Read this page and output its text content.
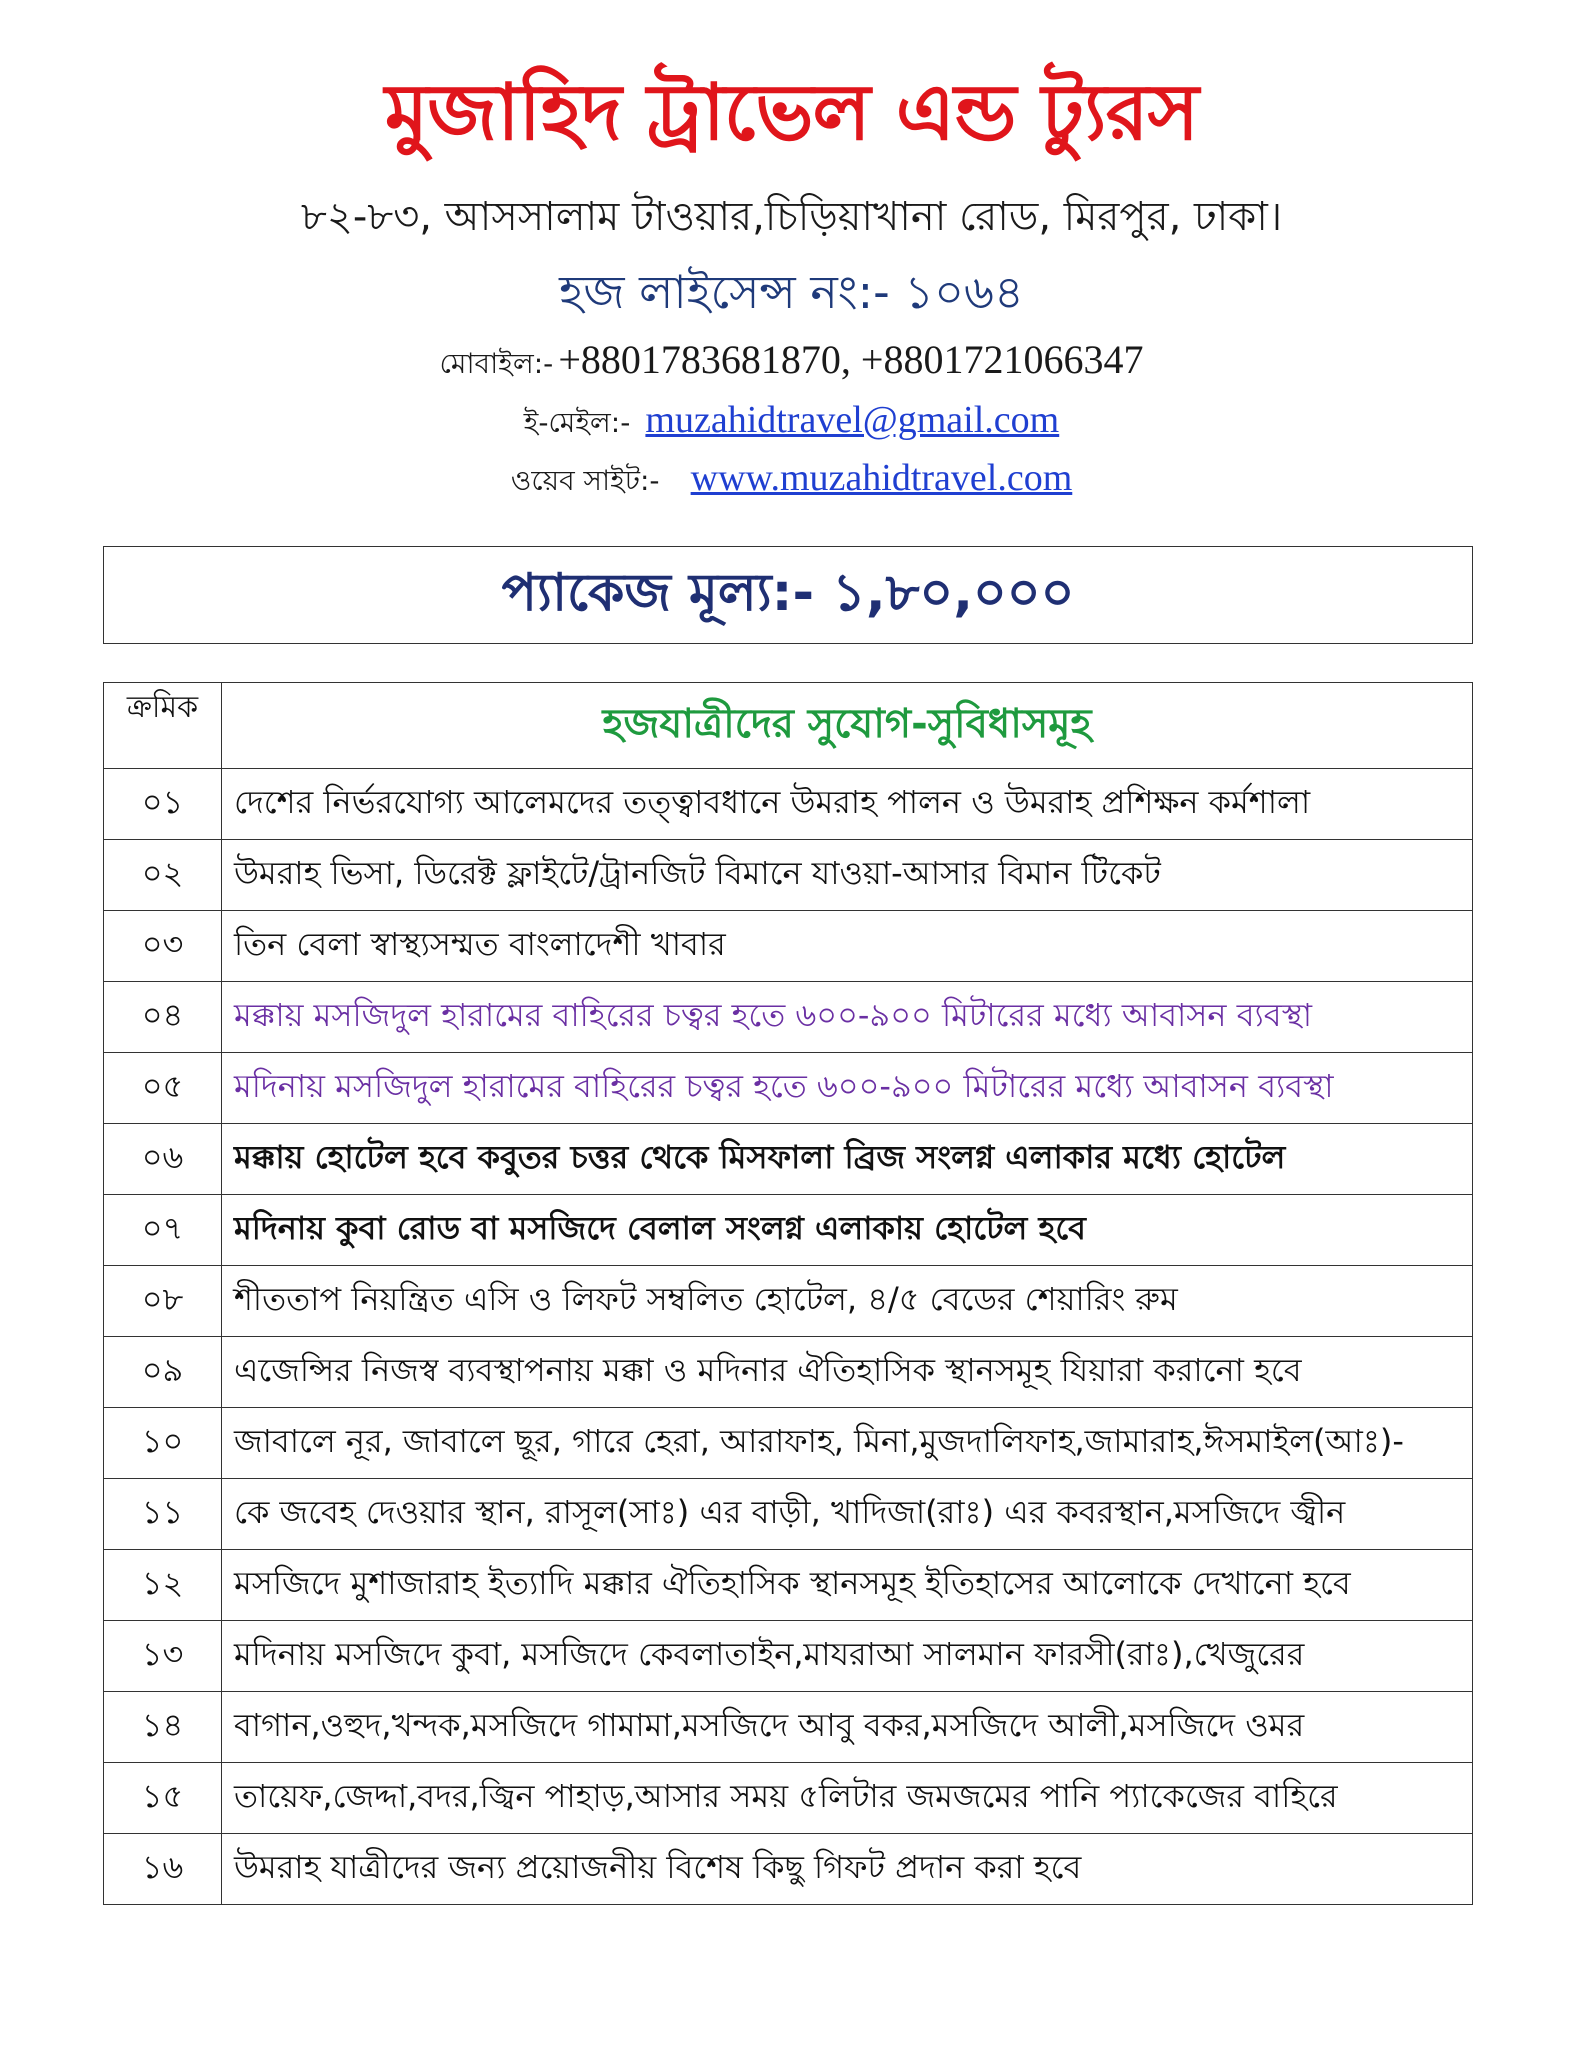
মুজাহিদ ট্রাভেল এন্ড ট্যুরস
৮২-৮৩, আসসালাম টাওয়ার,চিড়িয়াখানা রোড, মিরপুর, ঢাকা।
হজ লাইসেন্স নং:- ১০৬৪
মোবাইল:- +8801783681870, +8801721066347
ই-মেইল:- muzahidtravel@gmail.com
ওয়েব সাইট:- www.muzahidtravel.com
প্যাকেজ মূল্য:- ১,৮০,০০০
ক্রমিক	হজযাত্রীদের সুযোগ-সুবিধাসমূহ
০১	দেশের নির্ভরযোগ্য আলেমদের তত্ত্বাবধানে উমরাহ পালন ও উমরাহ প্রশিক্ষন কর্মশালা
০২	উমরাহ ভিসা, ডিরেক্ট ফ্লাইটে/ট্রানজিট বিমানে যাওয়া-আসার বিমান টিকেট
০৩	তিন বেলা স্বাস্থ্যসম্মত বাংলাদেশী খাবার
০৪	মক্কায় মসজিদুল হারামের বাহিরের চত্বর হতে ৬০০-৯০০ মিটারের মধ্যে আবাসন ব্যবস্থা
০৫	মদিনায় মসজিদুল হারামের বাহিরের চত্বর হতে ৬০০-৯০০ মিটারের মধ্যে আবাসন ব্যবস্থা
০৬	মক্কায় হোটেল হবে কবুতর চত্তর থেকে মিসফালা ব্রিজ সংলগ্ন এলাকার মধ্যে হোটেল
০৭	মদিনায় কুবা রোড বা মসজিদে বেলাল সংলগ্ন এলাকায় হোটেল হবে
০৮	শীততাপ নিয়ন্ত্রিত এসি ও লিফট সম্বলিত হোটেল, ৪/৫ বেডের শেয়ারিং রুম
০৯	এজেন্সির নিজস্ব ব্যবস্থাপনায় মক্কা ও মদিনার ঐতিহাসিক স্থানসমূহ যিয়ারা করানো হবে
১০	জাবালে নূর, জাবালে ছূর, গারে হেরা, আরাফাহ, মিনা,মুজদালিফাহ,জামারাহ,ঈসমাইল(আঃ)-
১১	কে জবেহ দেওয়ার স্থান, রাসূল(সাঃ) এর বাড়ী, খাদিজা(রাঃ) এর কবরস্থান,মসজিদে জ্বীন
১২	মসজিদে মুশাজারাহ ইত্যাদি মক্কার ঐতিহাসিক স্থানসমূহ ইতিহাসের আলোকে দেখানো হবে
১৩	মদিনায় মসজিদে কুবা, মসজিদে কেবলাতাইন,মাযরাআ সালমান ফারসী(রাঃ),খেজুরের
১৪	বাগান,ওহুদ,খন্দক,মসজিদে গামামা,মসজিদে আবু বকর,মসজিদে আলী,মসজিদে ওমর
১৫	তায়েফ,জেদ্দা,বদর,জ্বিন পাহাড়,আসার সময় ৫লিটার জমজমের পানি প্যাকেজের বাহিরে
১৬	উমরাহ যাত্রীদের জন্য প্রয়োজনীয় বিশেষ কিছু গিফট প্রদান করা হবে
